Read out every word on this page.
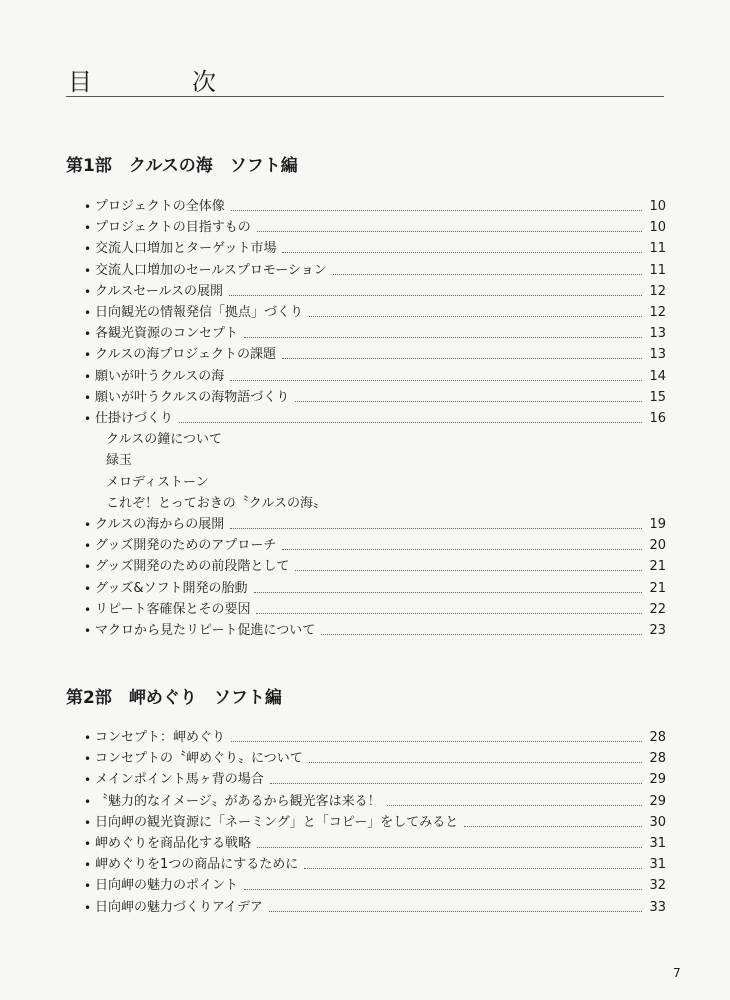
目　次
第1部　クルスの海　ソフト編
• プロジェクトの全体像	10
• プロジェクトの目指すもの	10
• 交流人口増加とターゲット市場	11
• 交流人口増加のセールスプロモーション	11
• クルスセールスの展開	12
• 日向観光の情報発信「拠点」づくり	12
• 各観光資源のコンセプト	13
• クルスの海プロジェクトの課題	13
• 願いが叶うクルスの海	14
• 願いが叶うクルスの海物語づくり	15
• 仕掛けづくり	16
クルスの鐘について
緑玉
メロディストーン
これぞ！とっておきの〝クルスの海〟
• クルスの海からの展開	19
• グッズ開発のためのアプローチ	20
• グッズ開発のための前段階として	21
• グッズ&ソフト開発の胎動	21
• リピート客確保とその要因	22
• マクロから見たリピート促進について	23
第2部　岬めぐり　ソフト編
• コンセプト：岬めぐり	28
• コンセプトの〝岬めぐり〟について	28
• メインポイント馬ヶ背の場合	29
• 〝魅力的なイメージ〟があるから観光客は来る！	29
• 日向岬の観光資源に「ネーミング」と「コピー」をしてみると	30
• 岬めぐりを商品化する戦略	31
• 岬めぐりを1つの商品にするために	31
• 日向岬の魅力のポイント	32
• 日向岬の魅力づくりアイデア	33
7
